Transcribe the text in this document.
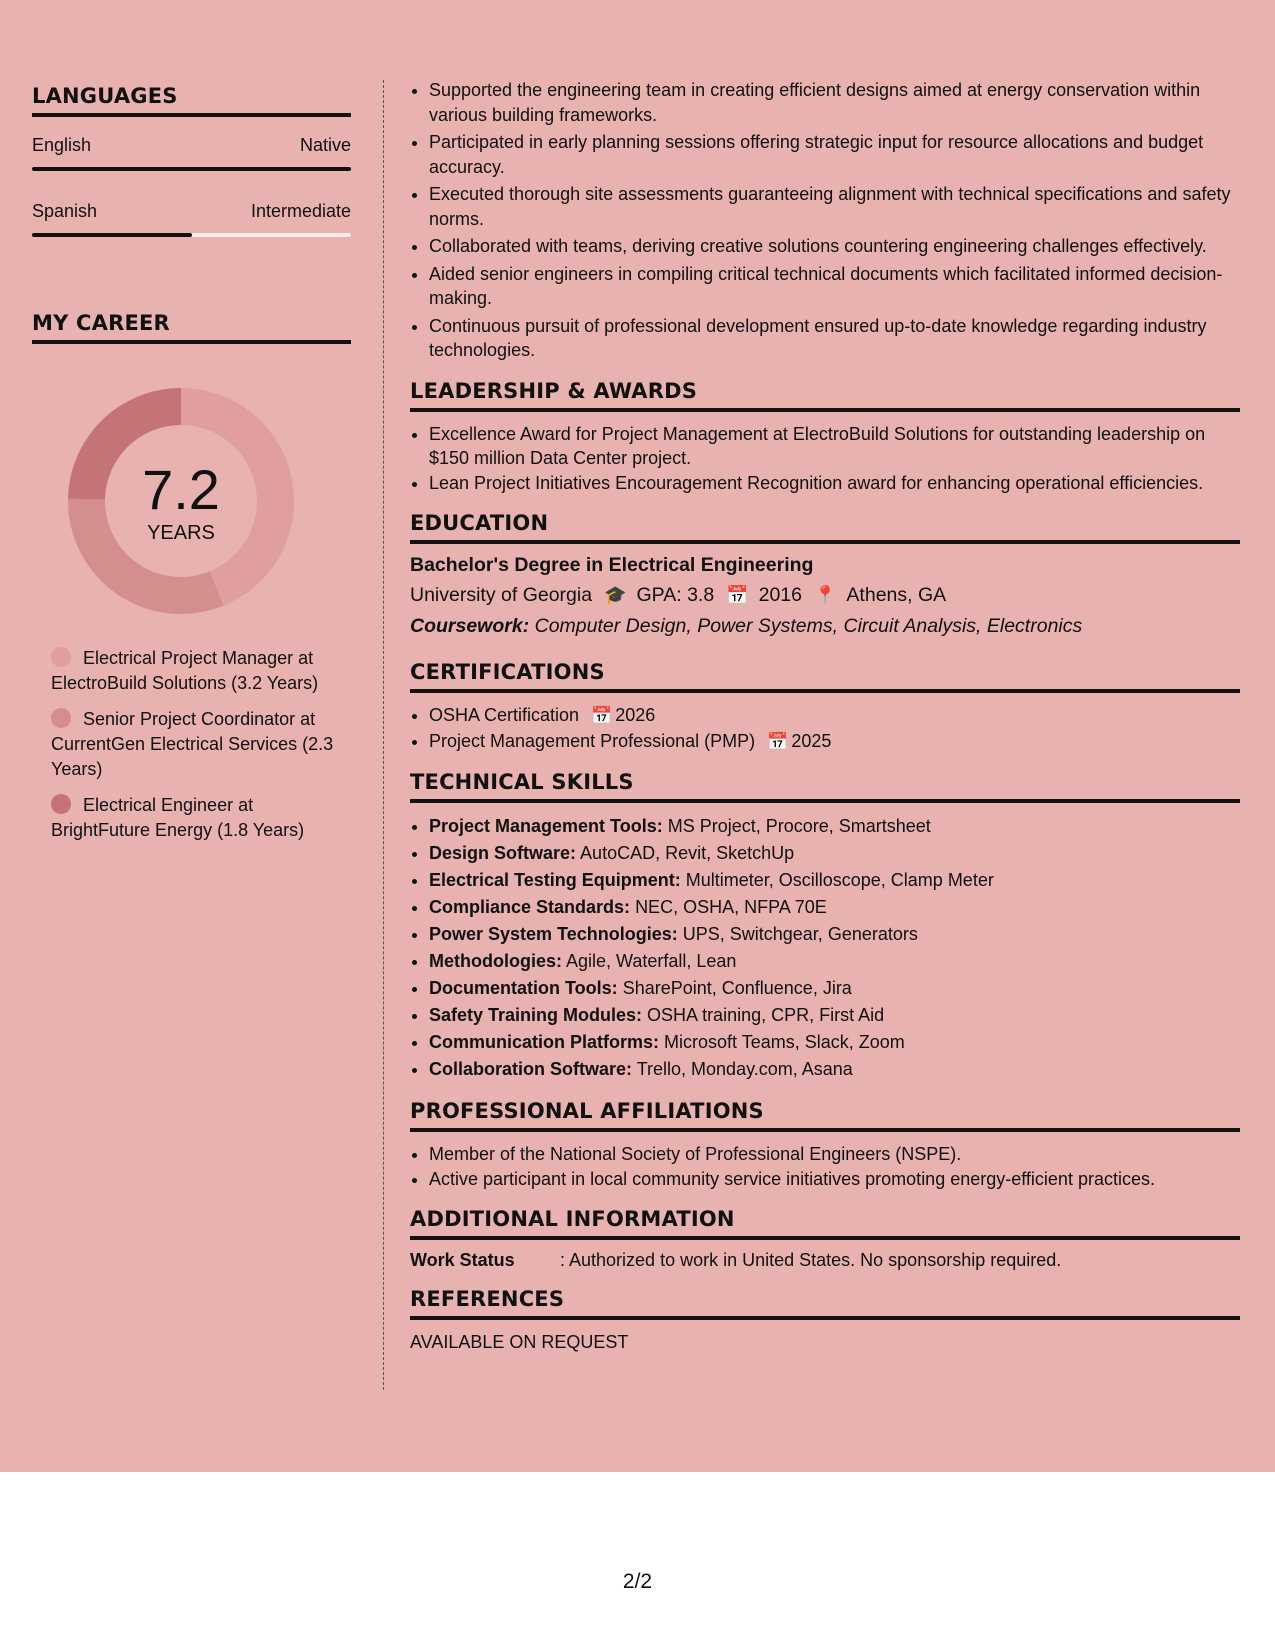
LANGUAGES
English	Native
Spanish	Intermediate
MY CAREER
7.2
YEARS
Electrical Project Manager at ElectroBuild Solutions (3.2 Years)
Senior Project Coordinator at CurrentGen Electrical Services (2.3 Years)
Electrical Engineer at BrightFuture Energy (1.8 Years)
• Supported the engineering team in creating efficient designs aimed at energy conservation within various building frameworks.
• Participated in early planning sessions offering strategic input for resource allocations and budget accuracy.
• Executed thorough site assessments guaranteeing alignment with technical specifications and safety norms.
• Collaborated with teams, deriving creative solutions countering engineering challenges effectively.
• Aided senior engineers in compiling critical technical documents which facilitated informed decision-making.
• Continuous pursuit of professional development ensured up-to-date knowledge regarding industry technologies.
LEADERSHIP & AWARDS
• Excellence Award for Project Management at ElectroBuild Solutions for outstanding leadership on $150 million Data Center project.
• Lean Project Initiatives Encouragement Recognition award for enhancing operational efficiencies.
EDUCATION
Bachelor's Degree in Electrical Engineering
University of Georgia 🎓 GPA: 3.8 📅 2016 📍 Athens, GA
Coursework: Computer Design, Power Systems, Circuit Analysis, Electronics
CERTIFICATIONS
• OSHA Certification 📅 2026
• Project Management Professional (PMP) 📅 2025
TECHNICAL SKILLS
• Project Management Tools: MS Project, Procore, Smartsheet
• Design Software: AutoCAD, Revit, SketchUp
• Electrical Testing Equipment: Multimeter, Oscilloscope, Clamp Meter
• Compliance Standards: NEC, OSHA, NFPA 70E
• Power System Technologies: UPS, Switchgear, Generators
• Methodologies: Agile, Waterfall, Lean
• Documentation Tools: SharePoint, Confluence, Jira
• Safety Training Modules: OSHA training, CPR, First Aid
• Communication Platforms: Microsoft Teams, Slack, Zoom
• Collaboration Software: Trello, Monday.com, Asana
PROFESSIONAL AFFILIATIONS
• Member of the National Society of Professional Engineers (NSPE).
• Active participant in local community service initiatives promoting energy-efficient practices.
ADDITIONAL INFORMATION
Work Status	: Authorized to work in United States. No sponsorship required.
REFERENCES
AVAILABLE ON REQUEST
2/2
